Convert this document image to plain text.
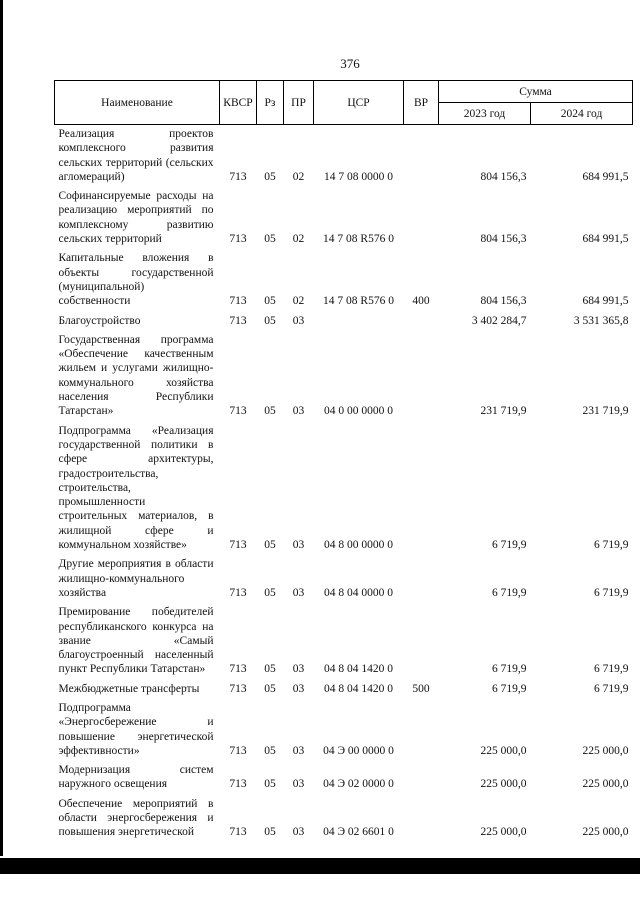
376
Наименование	КВСР	Рз	ПР	ЦСР	ВР	Сумма	
						2023 год	2024 год
Реализация проектов комплексного развития сельских территорий (сельских агломераций)	713	05	02	14 7 08 0000 0		804 156,3	684 991,5
Софинансируемые расходы на реализацию мероприятий по комплексному развитию сельских территорий	713	05	02	14 7 08 R576 0		804 156,3	684 991,5
Капитальные вложения в объекты государственной (муниципальной) собственности	713	05	02	14 7 08 R576 0	400	804 156,3	684 991,5
Благоустройство	713	05	03			3 402 284,7	3 531 365,8
Государственная программа «Обеспечение качественным жильем и услугами жилищно-коммунального хозяйства населения Республики Татарстан»	713	05	03	04 0 00 0000 0		231 719,9	231 719,9
Подпрограмма «Реализация государственной политики в сфере архитектуры, градостроительства, строительства, промышленности строительных материалов, в жилищной сфере и коммунальном хозяйстве»	713	05	03	04 8 00 0000 0		6 719,9	6 719,9
Другие мероприятия в области жилищно-коммунального хозяйства	713	05	03	04 8 04 0000 0		6 719,9	6 719,9
Премирование победителей республиканского конкурса на звание «Самый благоустроенный населенный пункт Республики Татарстан»	713	05	03	04 8 04 1420 0		6 719,9	6 719,9
Межбюджетные трансферты	713	05	03	04 8 04 1420 0	500	6 719,9	6 719,9
Подпрограмма «Энергосбережение и повышение энергетической эффективности»	713	05	03	04 Э 00 0000 0		225 000,0	225 000,0
Модернизация систем наружного освещения	713	05	03	04 Э 02 0000 0		225 000,0	225 000,0
Обеспечение мероприятий в области энергосбережения и повышения энергетической	713	05	03	04 Э 02 6601 0		225 000,0	225 000,0
